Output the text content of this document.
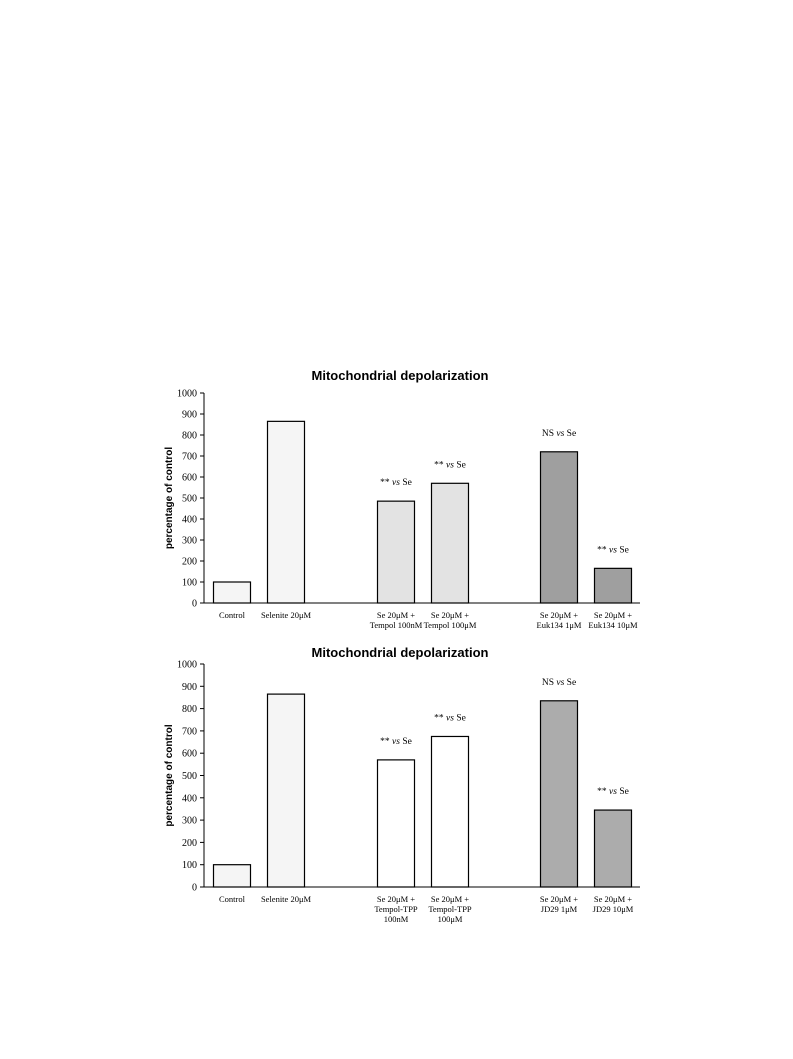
Mitochondrial depolarization
percentage of control
0
100
200
300
400
500
600
700
800
900
1000
Control Selenite 20μM	Se 20μM + Tempol 100nM
Se 20μM + Tempol 100μM
Se 20μM + Euk134 1μM
Se 20μM + Euk134 10μM
** vs Se
** vs Se
NS vs Se
** vs Se
Mitochondrial depolarization
percentage of control
0
100
200
300
400
500
600
700
800
900
1000
Control Selenite 20μM	Se 20μM + Tempol-TPP 100nM
Se 20μM + Tempol-TPP 100μM
Se 20μM + JD29 1μM
Se 20μM + JD29 10μM
** vs Se
** vs Se
NS vs Se
** vs Se
